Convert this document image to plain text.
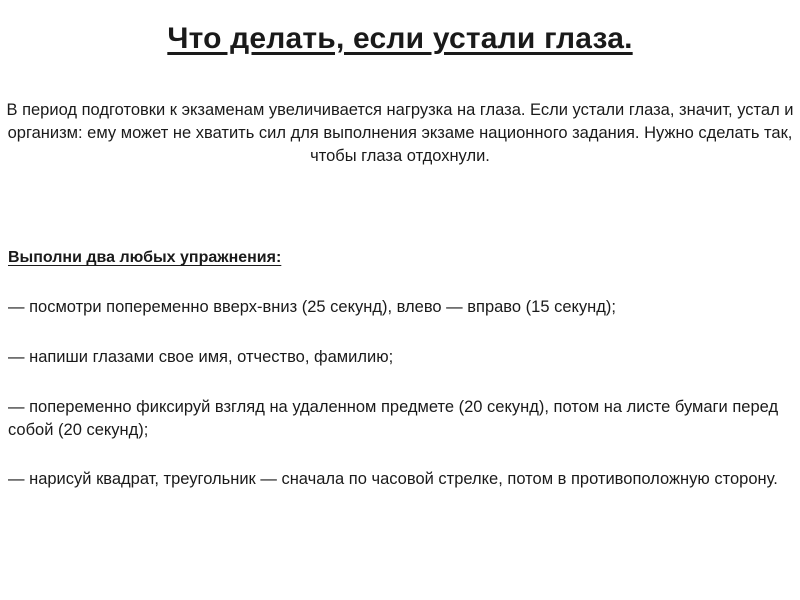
Что делать, если устали глаза.

В период подготовки к экзаменам увеличивается нагрузка на глаза. Если устали глаза, значит, устал и организм: ему может не хватить сил для выполнения экзаме национного задания. Нужно сделать так, чтобы глаза отдохнули.

Выполни два любых упражнения:

— посмотри попеременно вверх-вниз (25 секунд), влево — вправо (15 секунд);

— напиши глазами свое имя, отчество, фамилию;

— попеременно фиксируй взгляд на удаленном предмете (20 секунд), потом на листе бумаги перед собой (20 секунд);

— нарисуй квадрат, треугольник — сначала по часовой стрелке, потом в противоположную сторону.
